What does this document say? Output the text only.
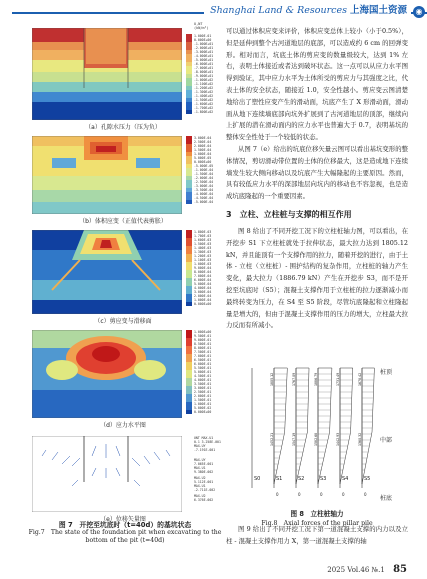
Shanghai Land & Resources 上海国土资源	◉
U,NT
(kN/m²)
1.000E-01
0.000E+00
-1.000E+01
-2.000E+01
-3.000E+01
-4.000E+01
-5.000E+01
-6.000E+01
-7.000E+01
-8.000E+01
-9.000E+01
-1.000E+02
-1.100E+02
-1.200E+02
-1.300E+02
-1.400E+02
-1.500E+02
-1.600E+02
-1.700E+02
-1.800E+02
（a）孔隙水压力（压为负）
3.000E-04
2.500E-04
2.000E-04
1.500E-04
1.000E-04
5.000E-05
0.000E+00
-5.000E-05
-1.000E-04
-1.500E-04
-2.000E-04
-2.500E-04
-3.000E-04
-3.500E-04
-4.000E-04
-4.500E-04
-5.000E-04
（b）体积应变（正值代表剪胀）
1.800E-03
1.700E-03
1.600E-03
1.500E-03
1.400E-03
1.300E-03
1.200E-03
1.100E-03
1.000E-03
9.000E-04
8.000E-04
7.000E-04
6.000E-04
5.000E-04
4.000E-04
3.000E-04
2.000E-04
1.000E-04
0.000E+00
（c）剪应变与滑移面
1.000E+00
9.500E-01
9.000E-01
8.500E-01
8.000E-01
7.500E-01
7.000E-01
6.500E-01
6.000E-01
5.500E-01
5.000E-01
4.500E-01
4.000E-01
3.500E-01
3.000E-01
2.500E-01
2.000E-01
1.500E-01
1.000E-01
5.000E-02
0.000E+00
（d）应力水平图
UNT MAX.U1
0.1 3.258E-001
MAX.UY
-7.191E-001
MAX.UY
7.065E-001
MAX.U1
9.380E-002
MAX.U2
5.112E-001
MAX.U1
-2.711E-002
MAX.U2
6.376E-002
（e）位移矢量图
图 7　开挖至坑底时（t=40d）的基坑状态
Fig.7　The state of the foundation pit when excavating to the bottom of the pit (t=40d)

可以通过体积应变来评价，体积应变总体上较小（小于0.5%），但是延伸到整个古河道地层的底部，可以造成约 6 cm 的回弹变形。相对而言，坑底土体的剪应变的数量级较大，达到 1% 左右，表明土体接近或者达到破坏状态。这一点可以从应力水平图得到验证，其中应力水平为土体所受的剪应力与其强度之比，代表土体的安全状态，随接近 1.0，安全性越小。剪应变云图清楚地给出了塑性应变产生的滑动面，坑底产生了 X 形滑动面，滑动面从地下连续墙底部向坑外扩展到了古河道地层的顶部，继续向上扩展的潜在滑动面内的应力水平也普遍大于 0.7，表明基坑的整体安全性处于一个较低的状态。

从图 7（e）给出的坑底位移矢量云图可以看出基坑变形的整体情况，剪切滑动带位置的土体的位移最大，这是造成地下连续墙发生较大侧向移动以及坑底产生大幅隆起的主要原因。然而，具有较低应力水平的深部地层向坑内的移动也不容忽视，也是造成坑底隆起的一个重要因素。

3　立柱、立柱桩与支撑的相互作用

图 8 给出了不同开挖工况下的立柱桩轴力图，可以看出，在开挖步 S1 下立柱桩就处于拉伸状态，最大拉力达到 1805.12 kN，并且能顶有一个支撑作用的拉力，随着开挖的进行，由于土体 - 立柱（立柱桩）- 围护结构的复杂作用，立柱桩的轴力产生变化，最大拉力（1886.79 kN）产生在开挖步 S3，而不是开挖至坑底时（S5）；混凝土支撑作用于立柱桩的拉力逐渐减小而最终转变为压力，在 S4 至 S5 阶段，尽管坑底隆起和立柱隆起量是增大的，但由于混凝土支撑作用的压力的增大，立柱最大拉力反而有所减小。

S0
1805.12
1452.21
S1
0
1767.09
1547.19
S2
0
1886.79
1582.68
S3
0
1731.49
1442.93
S4
0
1678.42
1360.32
S5
0
桩顶
中部
桩底
图 8　立柱桩轴力
Fig.8　Axial forces of the pillar pile

图 9 给出了不同开挖工况下第一道混凝土支撑的内力以及立柱 - 混凝土支撑作用力 X，第一道混凝土支撑的轴

2025 Vol.46 №.1 85
